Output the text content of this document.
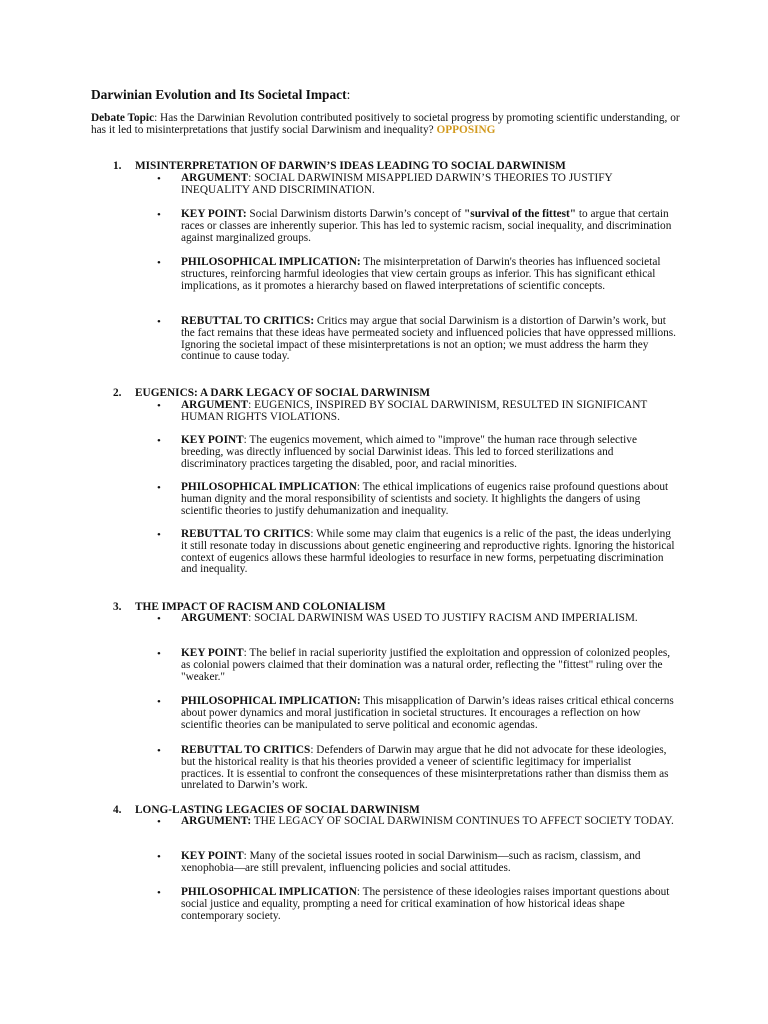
Darwinian Evolution and Its Societal Impact:
Debate Topic: Has the Darwinian Revolution contributed positively to societal progress by promoting scientific understanding, or has it led to misinterpretations that justify social Darwinism and inequality? OPPOSING
1. MISINTERPRETATION OF DARWIN’S IDEAS LEADING TO SOCIAL DARWINISM
• ARGUMENT: SOCIAL DARWINISM MISAPPLIED DARWIN’S THEORIES TO JUSTIFY INEQUALITY AND DISCRIMINATION.
• KEY POINT: Social Darwinism distorts Darwin’s concept of "survival of the fittest" to argue that certain races or classes are inherently superior. This has led to systemic racism, social inequality, and discrimination against marginalized groups.
• PHILOSOPHICAL IMPLICATION: The misinterpretation of Darwin's theories has influenced societal structures, reinforcing harmful ideologies that view certain groups as inferior. This has significant ethical implications, as it promotes a hierarchy based on flawed interpretations of scientific concepts.
• REBUTTAL TO CRITICS: Critics may argue that social Darwinism is a distortion of Darwin’s work, but the fact remains that these ideas have permeated society and influenced policies that have oppressed millions. Ignoring the societal impact of these misinterpretations is not an option; we must address the harm they continue to cause today.
2. EUGENICS: A DARK LEGACY OF SOCIAL DARWINISM
• ARGUMENT: EUGENICS, INSPIRED BY SOCIAL DARWINISM, RESULTED IN SIGNIFICANT HUMAN RIGHTS VIOLATIONS.
• KEY POINT: The eugenics movement, which aimed to "improve" the human race through selective breeding, was directly influenced by social Darwinist ideas. This led to forced sterilizations and discriminatory practices targeting the disabled, poor, and racial minorities.
• PHILOSOPHICAL IMPLICATION: The ethical implications of eugenics raise profound questions about human dignity and the moral responsibility of scientists and society. It highlights the dangers of using scientific theories to justify dehumanization and inequality.
• REBUTTAL TO CRITICS: While some may claim that eugenics is a relic of the past, the ideas underlying it still resonate today in discussions about genetic engineering and reproductive rights. Ignoring the historical context of eugenics allows these harmful ideologies to resurface in new forms, perpetuating discrimination and inequality.
3. THE IMPACT OF RACISM AND COLONIALISM
• ARGUMENT: SOCIAL DARWINISM WAS USED TO JUSTIFY RACISM AND IMPERIALISM.
• KEY POINT: The belief in racial superiority justified the exploitation and oppression of colonized peoples, as colonial powers claimed that their domination was a natural order, reflecting the "fittest" ruling over the "weaker."
• PHILOSOPHICAL IMPLICATION: This misapplication of Darwin’s ideas raises critical ethical concerns about power dynamics and moral justification in societal structures. It encourages a reflection on how scientific theories can be manipulated to serve political and economic agendas.
• REBUTTAL TO CRITICS: Defenders of Darwin may argue that he did not advocate for these ideologies, but the historical reality is that his theories provided a veneer of scientific legitimacy for imperialist practices. It is essential to confront the consequences of these misinterpretations rather than dismiss them as unrelated to Darwin’s work.
4. LONG-LASTING LEGACIES OF SOCIAL DARWINISM
• ARGUMENT: THE LEGACY OF SOCIAL DARWINISM CONTINUES TO AFFECT SOCIETY TODAY.
• KEY POINT: Many of the societal issues rooted in social Darwinism—such as racism, classism, and xenophobia—are still prevalent, influencing policies and social attitudes.
• PHILOSOPHICAL IMPLICATION: The persistence of these ideologies raises important questions about social justice and equality, prompting a need for critical examination of how historical ideas shape contemporary society.
